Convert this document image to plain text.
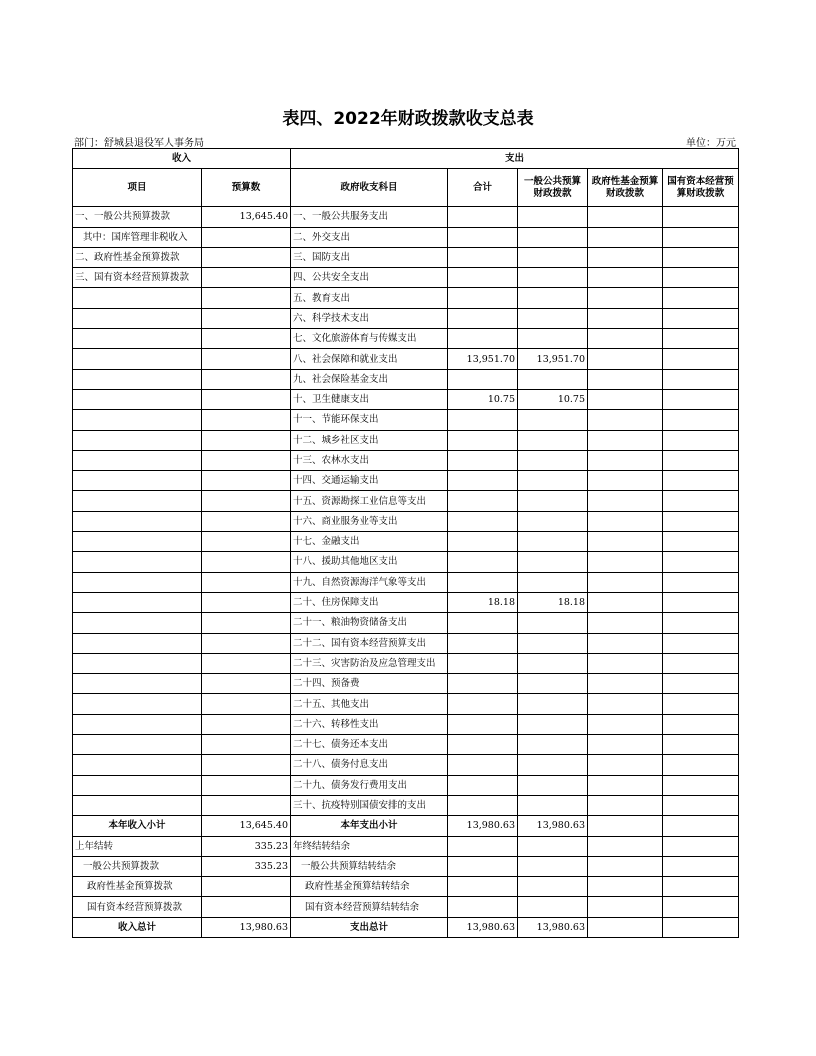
表四、2022年财政拨款收支总表
部门：舒城县退役军人事务局	单位：万元
收入		支出				
项目	预算数	政府收支科目	合计	一般公共预算财政拨款	政府性基金预算财政拨款	国有资本经营预算财政拨款
一、一般公共预算拨款	13,645.40	一、一般公共服务支出				
其中：国库管理非税收入		二、外交支出				
二、政府性基金预算拨款		三、国防支出				
三、国有资本经营预算拨款		四、公共安全支出				
		五、教育支出				
		六、科学技术支出				
		七、文化旅游体育与传媒支出				
		八、社会保障和就业支出	13,951.70	13,951.70		
		九、社会保险基金支出				
		十、卫生健康支出	10.75	10.75		
		十一、节能环保支出				
		十二、城乡社区支出				
		十三、农林水支出				
		十四、交通运输支出				
		十五、资源勘探工业信息等支出				
		十六、商业服务业等支出				
		十七、金融支出				
		十八、援助其他地区支出				
		十九、自然资源海洋气象等支出				
		二十、住房保障支出	18.18	18.18		
		二十一、粮油物资储备支出				
		二十二、国有资本经营预算支出				
		二十三、灾害防治及应急管理支出				
		二十四、预备费				
		二十五、其他支出				
		二十六、转移性支出				
		二十七、债务还本支出				
		二十八、债务付息支出				
		二十九、债务发行费用支出				
		三十、抗疫特别国债安排的支出				
本年收入小计	13,645.40	本年支出小计	13,980.63	13,980.63		
上年结转	335.23	年终结转结余				
一般公共预算拨款	335.23	一般公共预算结转结余				
政府性基金预算拨款		政府性基金预算结转结余				
国有资本经营预算拨款		国有资本经营预算结转结余				
收入总计	13,980.63	支出总计	13,980.63	13,980.63		
